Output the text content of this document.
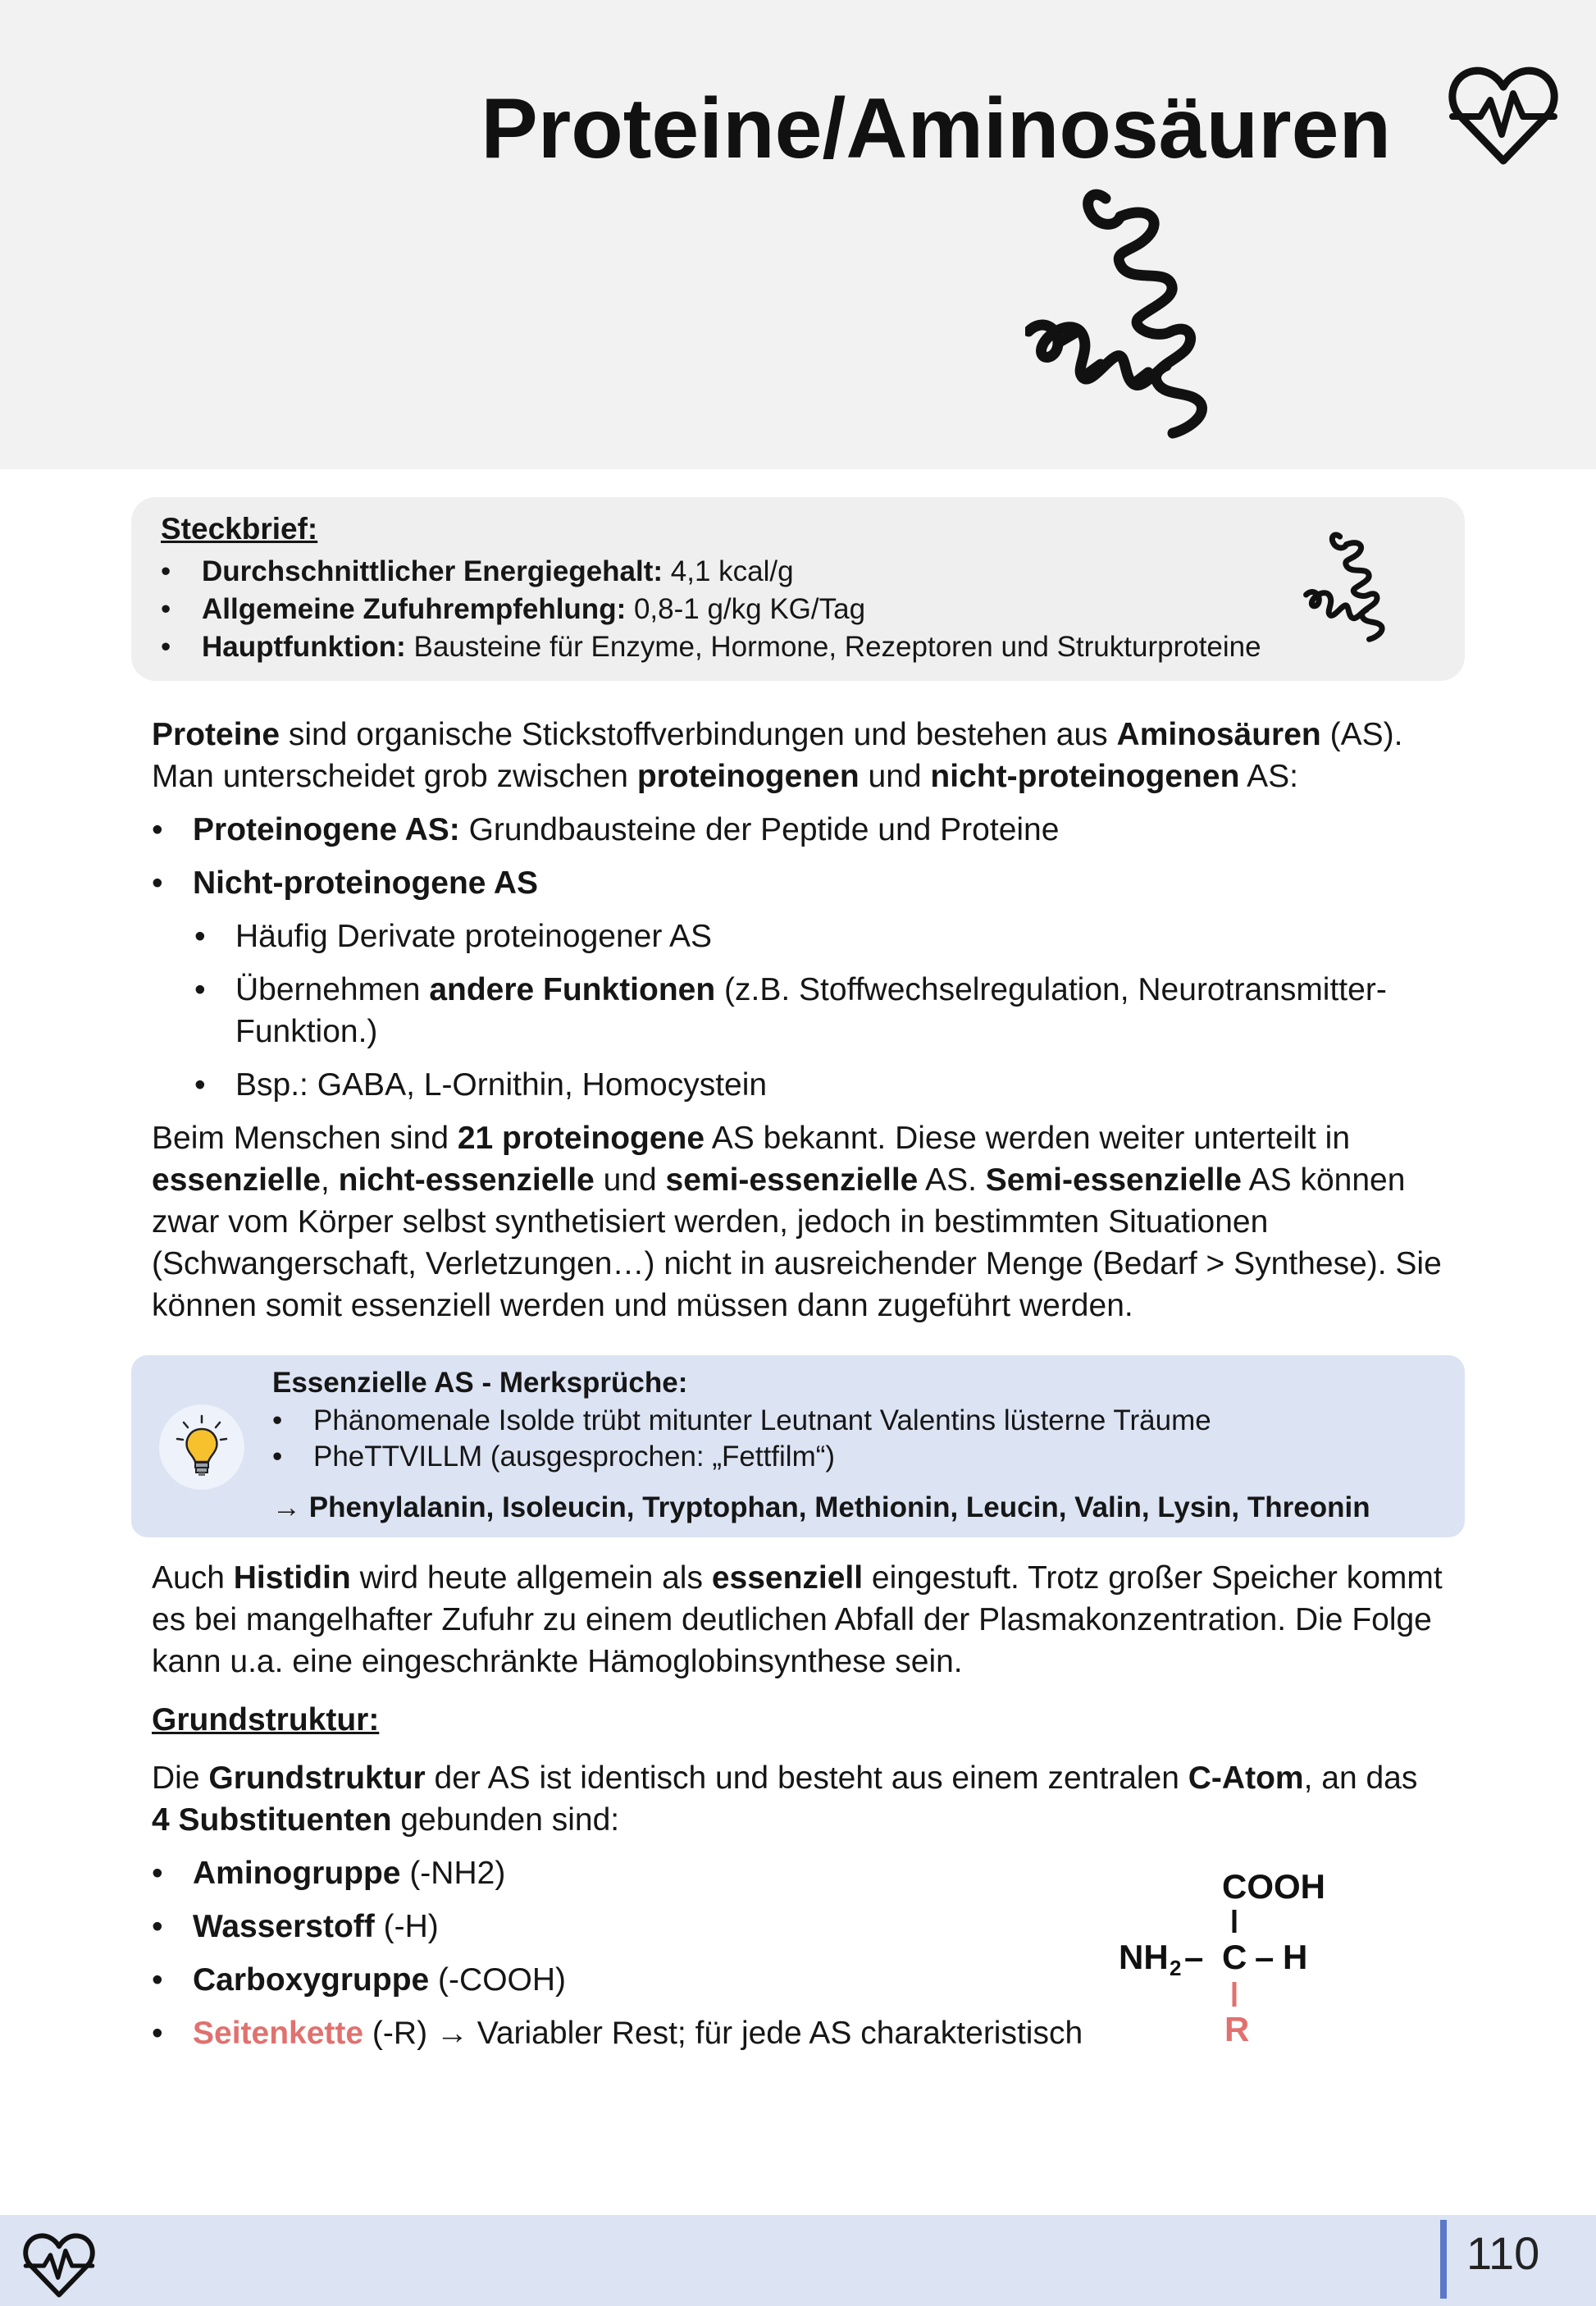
Proteine/Aminosäuren
Steckbrief:
• Durchschnittlicher Energiegehalt: 4,1 kcal/g
• Allgemeine Zufuhrempfehlung: 0,8-1 g/kg KG/Tag
• Hauptfunktion: Bausteine für Enzyme, Hormone, Rezeptoren und Strukturproteine

Proteine sind organische Stickstoffverbindungen und bestehen aus Aminosäuren (AS). Man unterscheidet grob zwischen proteinogenen und nicht-proteinogenen AS:

• Proteinogene AS: Grundbausteine der Peptide und Proteine
• Nicht-proteinogene AS
• Häufig Derivate proteinogener AS
• Übernehmen andere Funktionen (z.B. Stoffwechselregulation, Neurotransmitter-Funktion.)
• Bsp.: GABA, L-Ornithin, Homocystein

Beim Menschen sind 21 proteinogene AS bekannt. Diese werden weiter unterteilt in essenzielle, nicht-essenzielle und semi-essenzielle AS. Semi-essenzielle AS können zwar vom Körper selbst synthetisiert werden, jedoch in bestimmten Situationen (Schwangerschaft, Verletzungen…) nicht in ausreichender Menge (Bedarf > Synthese). Sie können somit essenziell werden und müssen dann zugeführt werden.

Essenzielle AS - Merksprüche:
• Phänomenale Isolde trübt mitunter Leutnant Valentins lüsterne Träume
• PheTTVILLM (ausgesprochen: „Fettfilm“)
→ Phenylalanin, Isoleucin, Tryptophan, Methionin, Leucin, Valin, Lysin, Threonin

Auch Histidin wird heute allgemein als essenziell eingestuft. Trotz großer Speicher kommt es bei mangelhafter Zufuhr zu einem deutlichen Abfall der Plasmakonzentration. Die Folge kann u.a. eine eingeschränkte Hämoglobinsynthese sein.

Grundstruktur:

Die Grundstruktur der AS ist identisch und besteht aus einem zentralen C-Atom, an das 4 Substituenten gebunden sind:

• Aminogruppe (-NH2)
• Wasserstoff (-H)
• Carboxygruppe (-COOH)
• Seitenkette (-R) → Variabler Rest; für jede AS charakteristisch
COOH
NH 2 – C – H
R
110
